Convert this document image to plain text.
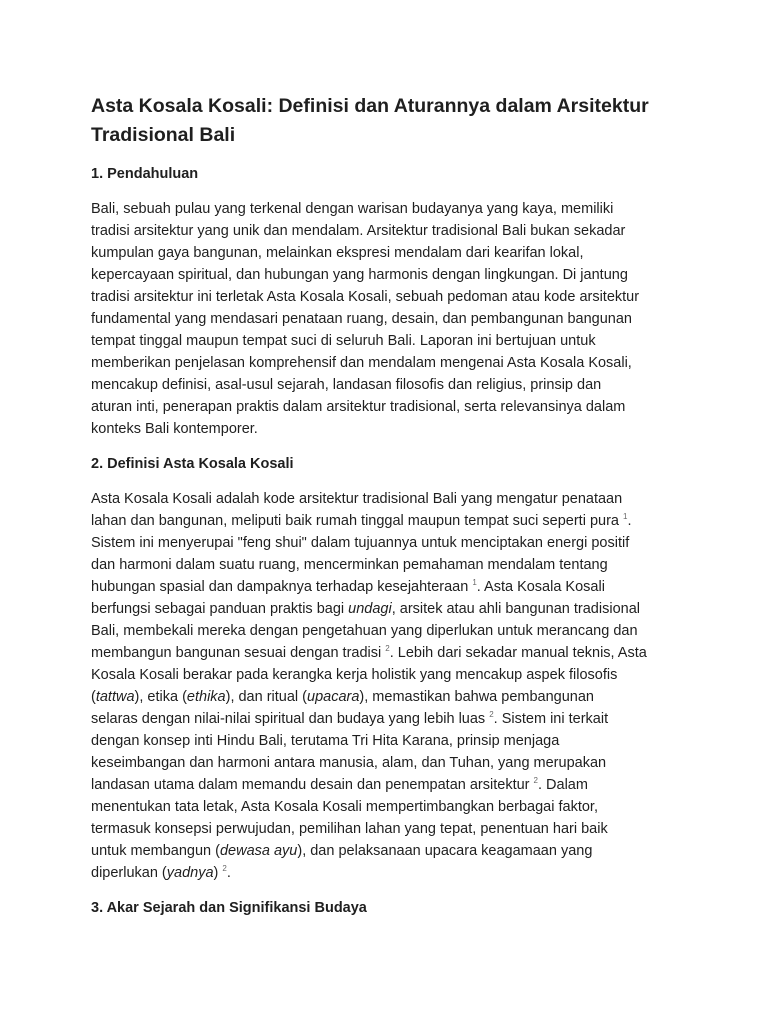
Asta Kosala Kosali: Definisi dan Aturannya dalam Arsitektur
Tradisional Bali
1. Pendahuluan
Bali, sebuah pulau yang terkenal dengan warisan budayanya yang kaya, memiliki
tradisi arsitektur yang unik dan mendalam. Arsitektur tradisional Bali bukan sekadar
kumpulan gaya bangunan, melainkan ekspresi mendalam dari kearifan lokal,
kepercayaan spiritual, dan hubungan yang harmonis dengan lingkungan. Di jantung
tradisi arsitektur ini terletak Asta Kosala Kosali, sebuah pedoman atau kode arsitektur
fundamental yang mendasari penataan ruang, desain, dan pembangunan bangunan
tempat tinggal maupun tempat suci di seluruh Bali. Laporan ini bertujuan untuk
memberikan penjelasan komprehensif dan mendalam mengenai Asta Kosala Kosali,
mencakup definisi, asal-usul sejarah, landasan filosofis dan religius, prinsip dan
aturan inti, penerapan praktis dalam arsitektur tradisional, serta relevansinya dalam
konteks Bali kontemporer.
2. Definisi Asta Kosala Kosali
Asta Kosala Kosali adalah kode arsitektur tradisional Bali yang mengatur penataan
lahan dan bangunan, meliputi baik rumah tinggal maupun tempat suci seperti pura $^1$.
Sistem ini menyerupai "feng shui" dalam tujuannya untuk menciptakan energi positif
dan harmoni dalam suatu ruang, mencerminkan pemahaman mendalam tentang
hubungan spasial dan dampaknya terhadap kesejahteraan $^1$. Asta Kosala Kosali
berfungsi sebagai panduan praktis bagi undagi, arsitek atau ahli bangunan tradisional
Bali, membekali mereka dengan pengetahuan yang diperlukan untuk merancang dan
membangun bangunan sesuai dengan tradisi $^2$. Lebih dari sekadar manual teknis, Asta
Kosala Kosali berakar pada kerangka kerja holistik yang mencakup aspek filosofis
(tattwa), etika (ethika), dan ritual (upacara), memastikan bahwa pembangunan
selaras dengan nilai-nilai spiritual dan budaya yang lebih luas $^2$. Sistem ini terkait
dengan konsep inti Hindu Bali, terutama Tri Hita Karana, prinsip menjaga
keseimbangan dan harmoni antara manusia, alam, dan Tuhan, yang merupakan
landasan utama dalam memandu desain dan penempatan arsitektur $^2$. Dalam
menentukan tata letak, Asta Kosala Kosali mempertimbangkan berbagai faktor,
termasuk konsepsi perwujudan, pemilihan lahan yang tepat, penentuan hari baik
untuk membangun (dewasa ayu), dan pelaksanaan upacara keagamaan yang
diperlukan (yadnya) $^2$.
3. Akar Sejarah dan Signifikansi Budaya
